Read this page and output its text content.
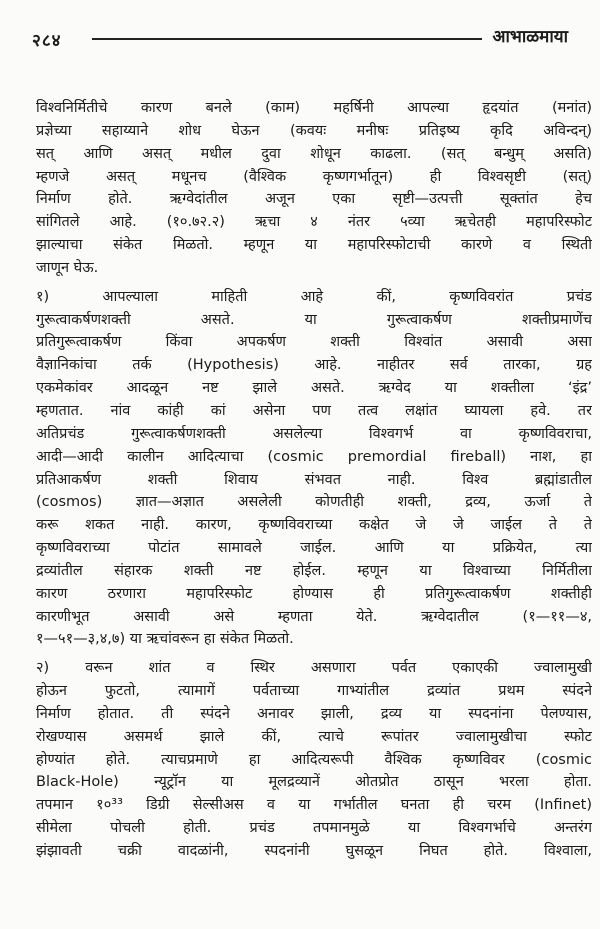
२८४	आभाळमाया
विश्वनिर्मितीचे कारण बनले (काम) महर्षिनी आपल्या हृदयांत (मनांत)
प्रज्ञेच्या सहाय्याने शोध घेऊन (कवयः मनीषः प्रतिइष्य कृदि अविन्दन्)
सत् आणि असत् मधील दुवा शोधून काढला. (सत् बन्धुम् असति)
म्हणजे असत् मधूनच (वैश्विक कृष्णगर्भातून) ही विश्वसृष्टी (सत्)
निर्माण होते. ऋग्वेदांतील अजून एका सृष्टी—उत्पत्ती सूक्तांत हेच
सांगितले आहे. (१०.७२.२) ऋचा ४ नंतर ५व्या ऋचेतही महापरिस्फोट
झाल्याचा संकेत मिळतो. म्हणून या महापरिस्फोटाची कारणे व स्थिती
जाणून घेऊ.
१) आपल्याला माहिती आहे कीं, कृष्णविवरांत प्रचंड
गुरूत्वाकर्षणशक्ती असते. या गुरूत्वाकर्षण शक्तीप्रमाणेंच
प्रतिगुरूत्वाकर्षण किंवा अपकर्षण शक्ती विश्वांत असावी असा
वैज्ञानिकांचा तर्क (Hypothesis) आहे. नाहीतर सर्व तारका, ग्रह
एकमेकांवर आदळून नष्ट झाले असते. ऋग्वेद या शक्तीला ‘इंद्र’
म्हणतात. नांव कांही कां असेना पण तत्व लक्षांत घ्यायला हवे. तर
अतिप्रचंड गुरूत्वाकर्षणशक्ती असलेल्या विश्वगर्भ वा कृष्णविवराचा,
आदी—आदी कालीन आदित्याचा (cosmic premordial fireball) नाश, हा
प्रतिआकर्षण शक्ती शिवाय संभवत नाही. विश्व ब्रह्मांडातील
(cosmos) ज्ञात—अज्ञात असलेली कोणतीही शक्ती, द्रव्य, ऊर्जा ते
करू शकत नाही. कारण, कृष्णविवराच्या कक्षेत जे जे जाईल ते ते
कृष्णविवराच्या पोटांत सामावले जाईल. आणि या प्रक्रियेत, त्या
द्रव्यांतील संहारक शक्ती नष्ट होईल. म्हणून या विश्वाच्या निर्मितीला
कारण ठरणारा महापरिस्फोट होण्यास ही प्रतिगुरूत्वाकर्षण शक्तीही
कारणीभूत असावी असे म्हणता येते. ऋग्वेदातील (१—११—४,
१—५१—३,४,७) या ऋचांवरून हा संकेत मिळतो.
२) वरून शांत व स्थिर असणारा पर्वत एकाएकी ज्वालामुखी
होऊन फुटतो, त्यामागें पर्वताच्या गाभ्यांतील द्रव्यांत प्रथम स्पंदने
निर्माण होतात. ती स्पंदने अनावर झाली, द्रव्य या स्पदनांना पेलण्यास,
रोखण्यास असमर्थ झाले कीं, त्याचे रूपांतर ज्वालामुखीचा स्फोट
होण्यांत होते. त्याचप्रमाणे हा आदित्यरूपी वैश्विक कृष्णविवर (cosmic
Black-Hole) न्यूट्रॉन या मूलद्रव्यानें ओतप्रोत ठासून भरला होता.
तपमान १०³³ डिग्री सेल्सीअस व या गर्भातील घनता ही चरम (Infinet)
सीमेला पोचली होती. प्रचंड तपमानमुळे या विश्वगर्भाचे अन्तरंग
झंझावती चक्री वादळांनी, स्पदनांनी घुसळून निघत होते. विश्वाला,
